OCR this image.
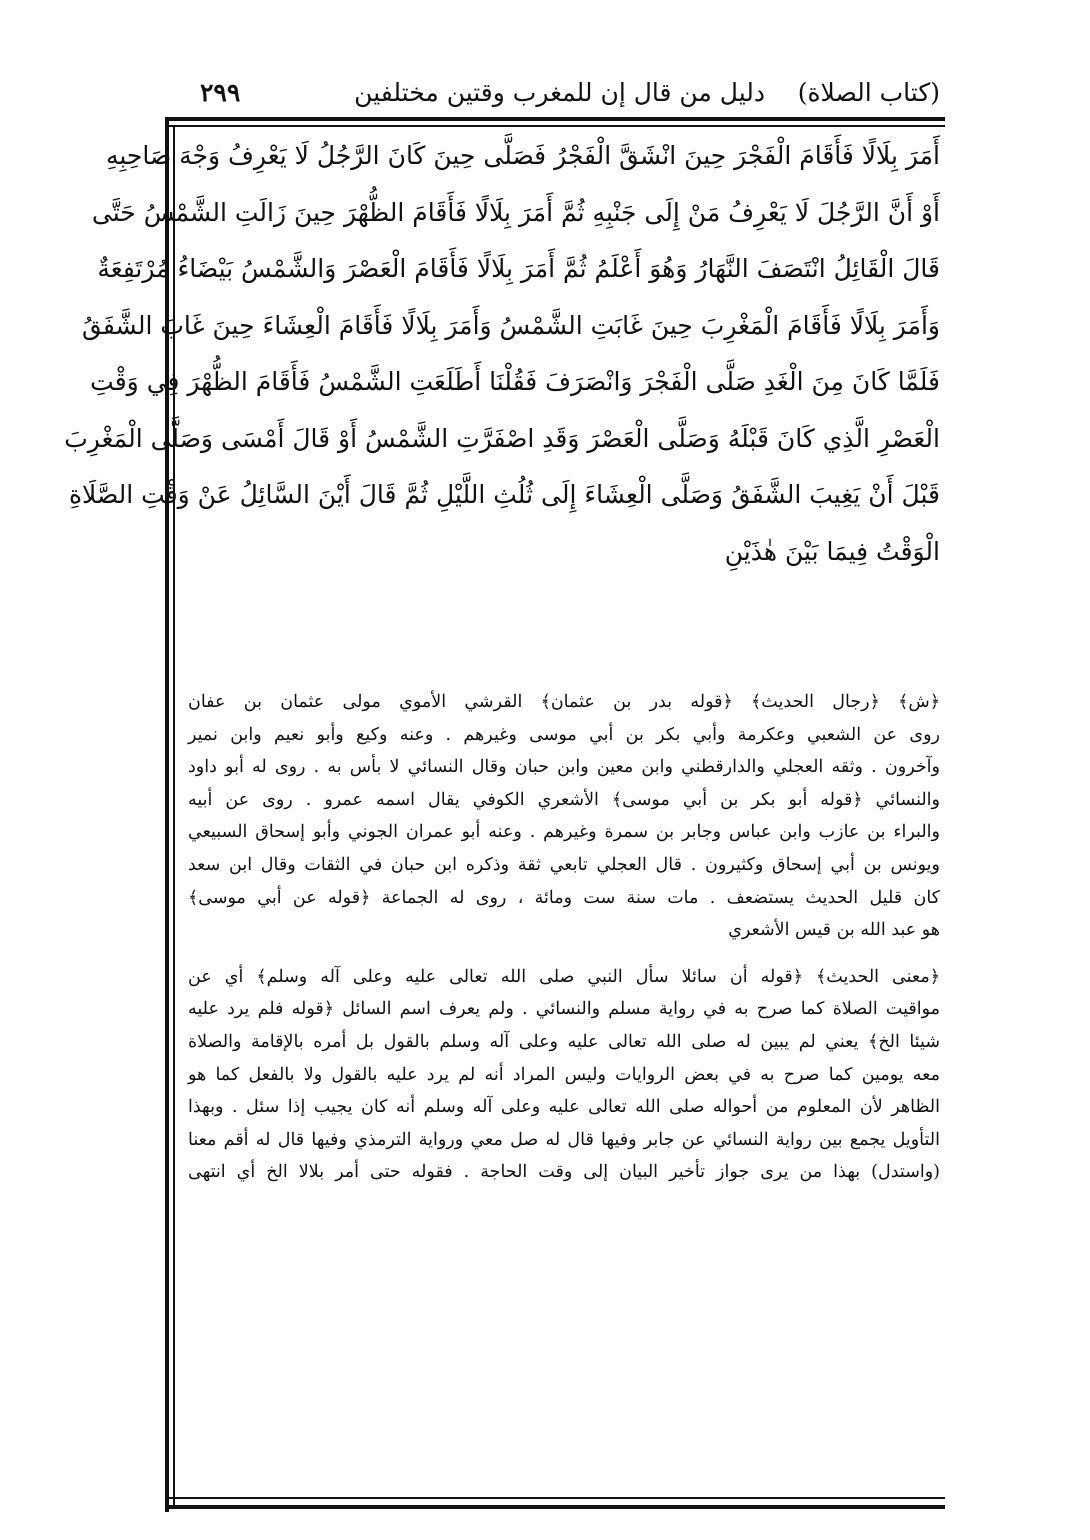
(كتاب الصلاة)
دليل من قال إن للمغرب وقتين مختلفين
٢٩٩
أَمَرَ بِلَالًا فَأَقَامَ الْفَجْرَ حِينَ انْشَقَّ الْفَجْرُ فَصَلَّى حِينَ كَانَ الرَّجُلُ لَا يَعْرِفُ وَجْهَ صَاحِبِهِ
أَوْ أَنَّ الرَّجُلَ لَا يَعْرِفُ مَنْ إِلَى جَنْبِهِ ثُمَّ أَمَرَ بِلَالًا فَأَقَامَ الظُّهْرَ حِينَ زَالَتِ الشَّمْسُ حَتَّى
قَالَ الْقَائِلُ انْتَصَفَ النَّهَارُ وَهُوَ أَعْلَمُ ثُمَّ أَمَرَ بِلَالًا فَأَقَامَ الْعَصْرَ وَالشَّمْسُ بَيْضَاءُ مُرْتَفِعَةٌ
وَأَمَرَ بِلَالًا فَأَقَامَ الْمَغْرِبَ حِينَ غَابَتِ الشَّمْسُ وَأَمَرَ بِلَالًا فَأَقَامَ الْعِشَاءَ حِينَ غَابَ الشَّفَقُ
فَلَمَّا كَانَ مِنَ الْغَدِ صَلَّى الْفَجْرَ وَانْصَرَفَ فَقُلْنَا أَطَلَعَتِ الشَّمْسُ فَأَقَامَ الظُّهْرَ فِي وَقْتِ
الْعَصْرِ الَّذِي كَانَ قَبْلَهُ وَصَلَّى الْعَصْرَ وَقَدِ اصْفَرَّتِ الشَّمْسُ أَوْ قَالَ أَمْسَى وَصَلَّى الْمَغْرِبَ
قَبْلَ أَنْ يَغِيبَ الشَّفَقُ وَصَلَّى الْعِشَاءَ إِلَى ثُلُثِ اللَّيْلِ ثُمَّ قَالَ أَيْنَ السَّائِلُ عَنْ وَقْتِ الصَّلَاةِ
الْوَقْتُ فِيمَا بَيْنَ هٰذَيْنِ
﴿ش﴾ ﴿رجال الحديث﴾ ﴿قوله بدر بن عثمان﴾ القرشي الأموي مولى عثمان بن عفان
روى عن الشعبي وعكرمة وأبي بكر بن أبي موسى وغيرهم . وعنه وكيع وأبو نعيم وابن نمير
وآخرون . وثقه العجلي والدارقطني وابن معين وابن حبان وقال النسائي لا بأس به . روى له أبو داود
والنسائي ﴿قوله أبو بكر بن أبي موسى﴾ الأشعري الكوفي يقال اسمه عمرو . روى عن أبيه
والبراء بن عازب وابن عباس وجابر بن سمرة وغيرهم . وعنه أبو عمران الجوني وأبو إسحاق السبيعي
ويونس بن أبي إسحاق وكثيرون . قال العجلي تابعي ثقة وذكره ابن حبان في الثقات وقال ابن سعد
كان قليل الحديث يستضعف . مات سنة ست ومائة ، روى له الجماعة ﴿قوله عن أبي موسى﴾
هو عبد الله بن قيس الأشعري
﴿معنى الحديث﴾ ﴿قوله أن سائلا سأل النبي صلى الله تعالى عليه وعلى آله وسلم﴾ أي عن
مواقيت الصلاة كما صرح به في رواية مسلم والنسائي . ولم يعرف اسم السائل ﴿قوله فلم يرد عليه
شيئا الخ﴾ يعني لم يبين له صلى الله تعالى عليه وعلى آله وسلم بالقول بل أمره بالإقامة والصلاة
معه يومين كما صرح به في بعض الروايات وليس المراد أنه لم يرد عليه بالقول ولا بالفعل كما هو
الظاهر لأن المعلوم من أحواله صلى الله تعالى عليه وعلى آله وسلم أنه كان يجيب إذا سئل . وبهذا
التأويل يجمع بين رواية النسائي عن جابر وفيها قال له صل معي ورواية الترمذي وفيها قال له أقم معنا
(واستدل) بهذا من يرى جواز تأخير البيان إلى وقت الحاجة . فقوله حتى أمر بلالا الخ أي انتهى
